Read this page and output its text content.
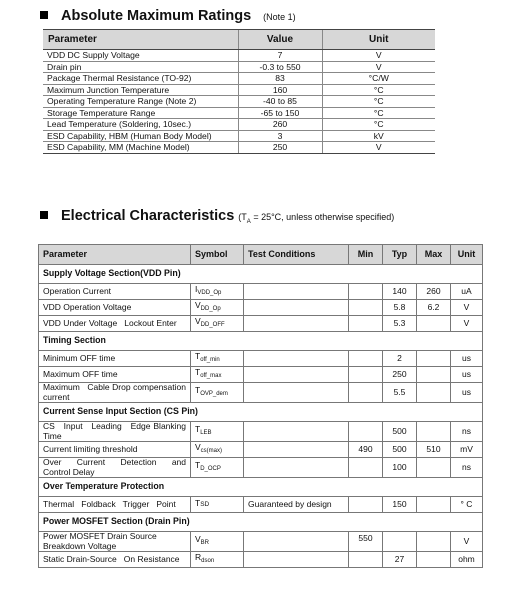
Absolute Maximum Ratings (Note 1)
Parameter	Value	Unit
VDD DC Supply Voltage	7	V
Drain pin	-0.3 to 550	V
Package Thermal Resistance (TO-92)	83	°C/W
Maximum Junction Temperature	160	°C
Operating Temperature Range (Note 2)	-40 to 85	°C
Storage Temperature Range	-65 to 150	°C
Lead Temperature (Soldering, 10sec.)	260	°C
ESD Capability, HBM (Human Body Model)	3	kV
ESD Capability, MM (Machine Model)	250	V
Electrical Characteristics ($T_A = 25^\circ C$, unless otherwise specified)
Parameter	Symbol	Test Conditions	Min	Typ	Max	Unit
Supply Voltage Section(VDD Pin)						
Operation Current	$I_{VDD\_Op}$			140	260	uA
VDD Operation Voltage	$V_{DD\_Op}$			5.8	6.2	V
VDD Under Voltage   Lockout Enter	$V_{DD\_OFF}$			5.3		V
Timing Section						
Minimum OFF time	$T_{off\_min}$			2		us
Maximum OFF time	$T_{off\_max}$			250		us

Maximum   Cable Drop compensation
current	$T_{OVP\_dem}$			5.5		us
Current Sense Input Section (CS Pin)						

CS   Input   Leading   Edge Blanking
Time	$T_{LEB}$			500		ns
Current limiting threshold	$V_{cs(max)}$		490	500	510	mV

Over   Current   Detection   and
Control Delay	$T_{D\_OCP}$			100		ns
Over Temperature Protection						
Thermal   Foldback   Trigger   Point	TSD	Guaranteed by design		150		° C
Power MOSFET Section (Drain Pin)						

Power MOSFET Drain Source
Breakdown Voltage	$V_{BR}$		550			V
Static Drain-Source   On Resistance	$R_{dson}$			27		ohm
